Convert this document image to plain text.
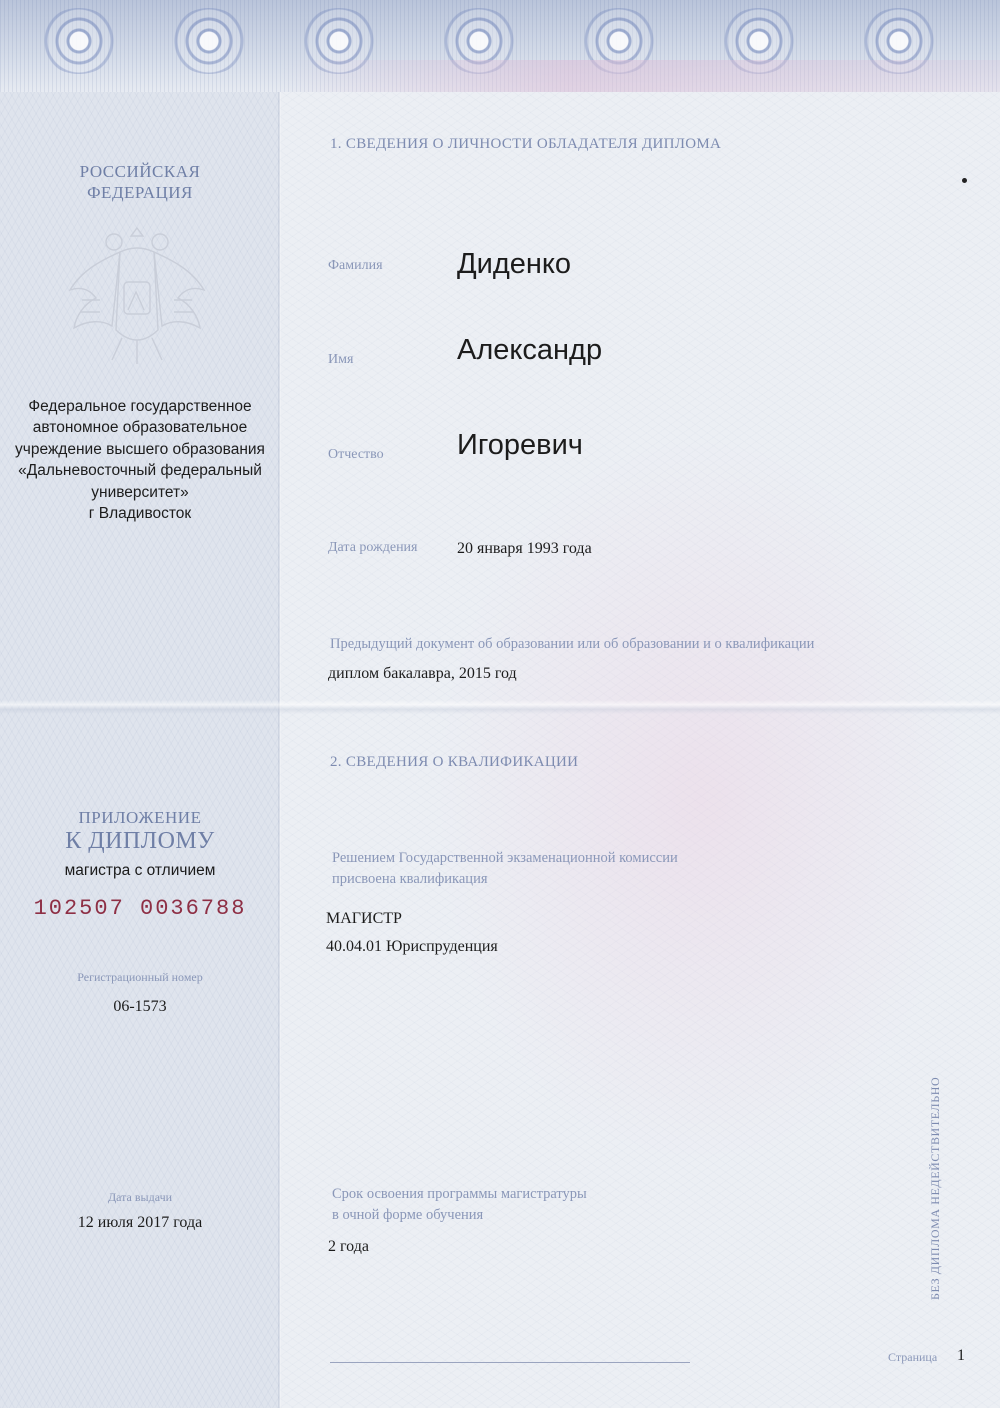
РОССИЙСКАЯ

ФЕДЕРАЦИЯ

Федеральное государственное
автономное образовательное
учреждение высшего образования
«Дальневосточный федеральный
университет»
г Владивосток

ПРИЛОЖЕНИЕ

К ДИПЛОМУ

магистра с отличием

102507 0036788

Регистрационный номер

06-1573

Дата выдачи

12 июля 2017 года

1. СВЕДЕНИЯ О ЛИЧНОСТИ ОБЛАДАТЕЛЯ ДИПЛОМА

Фамилия	Диденко

Имя	Александр

Отчество	Игоревич

Дата рождения 20 января 1993 года

Предыдущий документ об образовании или об образовании и о квалификации

диплом бакалавра, 2015 год

2. СВЕДЕНИЯ О КВАЛИФИКАЦИИ

Решением Государственной экзаменационной комиссии

присвоена квалификация

МАГИСТР

40.04.01 Юриспруденция

Срок освоения программы магистратуры

в очной форме обучения

2 года	БЕЗ ДИПЛОМА НЕДЕЙСТВИТЕЛЬНО

Страница 1
